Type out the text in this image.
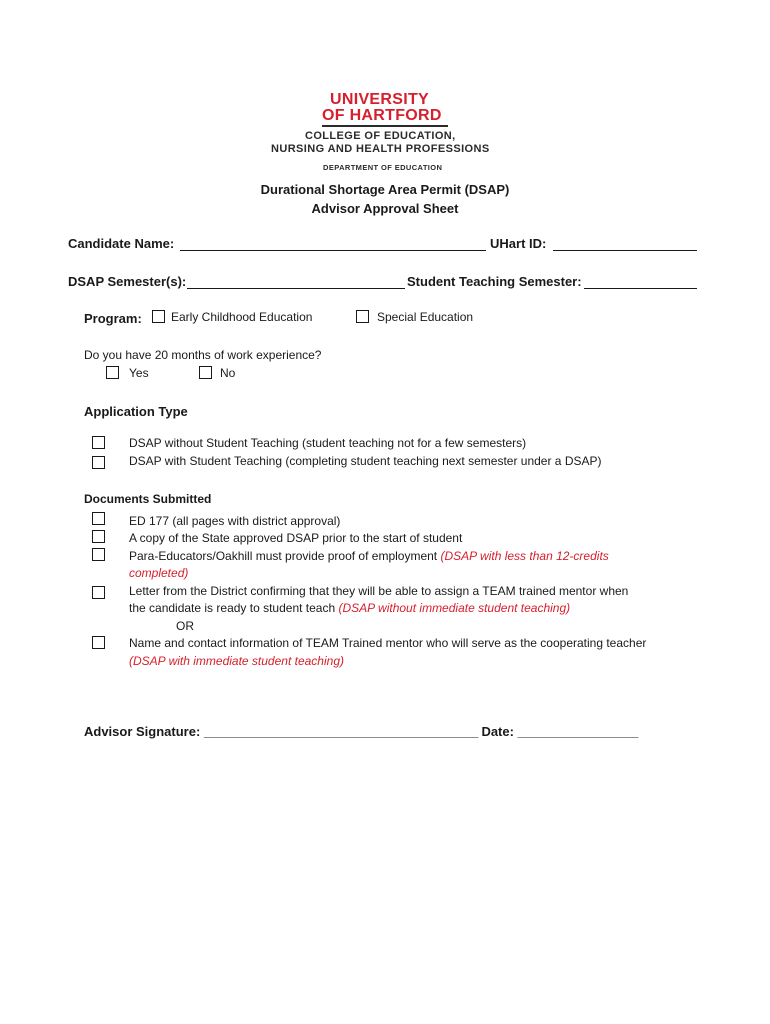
UNIVERSITY
OF HARTFORD
COLLEGE OF EDUCATION,
NURSING AND HEALTH PROFESSIONS
DEPARTMENT OF EDUCATION
Durational Shortage Area Permit (DSAP)
Advisor Approval Sheet
Candidate Name:	UHart ID:
DSAP Semester(s):	Student Teaching Semester:
Program: Early Childhood Education	Special Education
Do you have 20 months of work experience?
Yes	No
Application Type
DSAP without Student Teaching (student teaching not for a few semesters)
DSAP with Student Teaching (completing student teaching next semester under a DSAP)
Documents Submitted
ED 177 (all pages with district approval)
A copy of the State approved DSAP prior to the start of student
Para-Educators/Oakhill must provide proof of employment (DSAP with less than 12-credits
completed)
Letter from the District confirming that they will be able to assign a TEAM trained mentor when
the candidate is ready to student teach (DSAP without immediate student teaching)
OR
Name and contact information of TEAM Trained mentor who will serve as the cooperating teacher
(DSAP with immediate student teaching)
Advisor Signature: _________________________________________ Date: __________________
